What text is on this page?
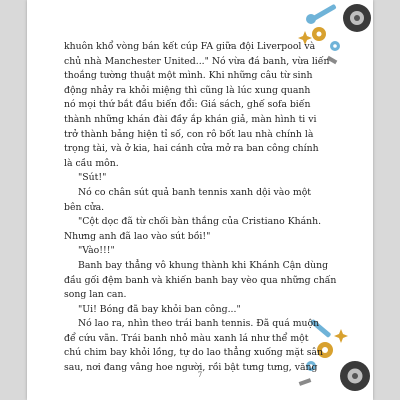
khuôn khổ vòng bán kết cúp FA giữa đội Liverpool và

chủ nhà Manchester United..." Nó vừa đá banh, vừa liến

thoắng tường thuật một mình. Khi những câu từ sinh

động nhảy ra khỏi miệng thì cũng là lúc xung quanh

nó mọi thứ bắt đầu biến đổi: Giá sách, ghế sofa biến

thành những khán đài đầy ắp khán giả, màn hình ti vi

trở thành bảng hiện tỉ số, con rô bốt lau nhà chính là

trọng tài, và ở kia, hai cánh cửa mở ra ban công chính

là cầu môn.

"Sút!"

Nó co chân sút quả banh tennis xanh dội vào một

bên cửa.

"Cột dọc đã từ chối bàn thắng của Cristiano Khánh.

Nhưng anh đã lao vào sút bồi!"

"Vào!!!"

Banh bay thẳng vô khung thành khi Khánh Cận dùng

đầu gối đệm banh và khiến banh bay vèo qua những chấn

song lan can.

"Ui! Bóng đã bay khỏi ban công..."

Nó lao ra, nhìn theo trái banh tennis. Đã quá muộn

để cứu vãn. Trái banh nhỏ màu xanh lá như thể một

chú chim bay khỏi lồng, tự do lao thẳng xuống mặt sân

sau, nơi đang vâng hoe người, rồi bật tưng tưng, văng

7
